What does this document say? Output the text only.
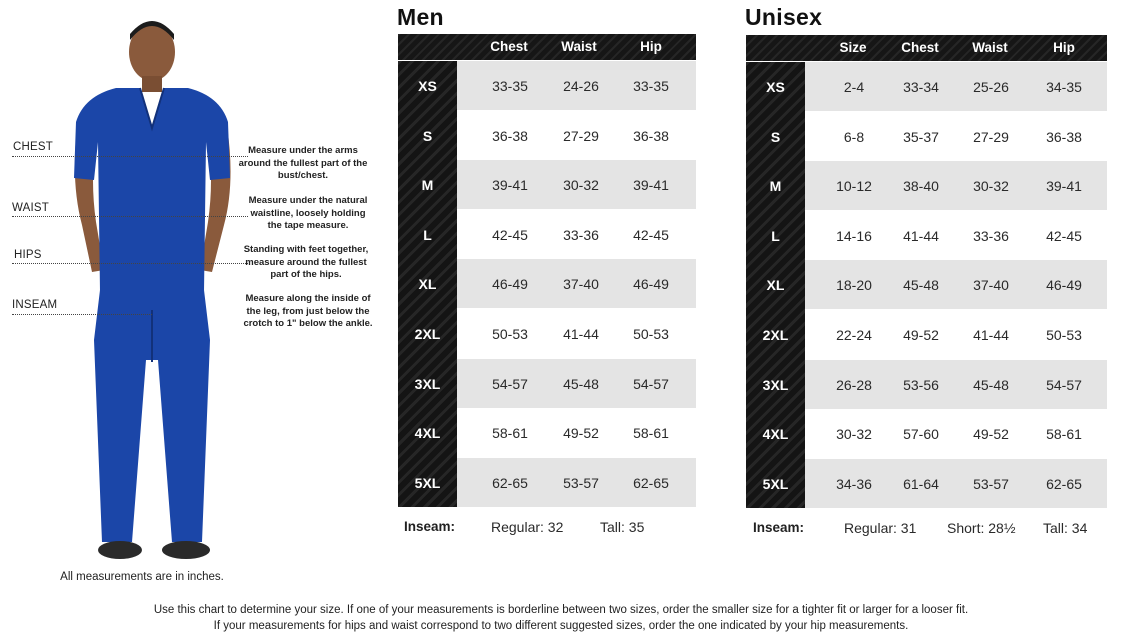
CHEST	Measure under the arms around the fullest part of the bust/chest.
WAIST
Measure under the natural waistline, loosely holding the tape measure.
HIPS	Standing with feet together, measure around the fullest part of the hips.
INSEAM
Measure along the inside of the leg, from just below the crotch to 1" below the ankle.
All measurements are in inches.
Men
Chest	Waist	Hip
XS	33-35	24-26	33-35
S	36-38	27-29	36-38
M	39-41	30-32	39-41
L	42-45	33-36	42-45
XL	46-49	37-40	46-49
2XL	50-53	41-44	50-53
3XL	54-57	45-48	54-57
4XL	58-61	49-52	58-61
5XL	62-65	53-57	62-65
Inseam:	Regular: 32	Tall: 35
Unisex
Size	Chest	Waist	Hip
XS	2-4	33-34	25-26	34-35
S	6-8	35-37	27-29	36-38
M	10-12	38-40	30-32	39-41
L	14-16	41-44	33-36	42-45
XL	18-20	45-48	37-40	46-49
2XL	22-24	49-52	41-44	50-53
3XL	26-28	53-56	45-48	54-57
4XL	30-32	57-60	49-52	58-61
5XL	34-36	61-64	53-57	62-65
Inseam:	Regular: 31 Short: 28½ Tall: 34
Use this chart to determine your size. If one of your measurements is borderline between two sizes, order the smaller size for a tighter fit or larger for a looser fit.
If your measurements for hips and waist correspond to two different suggested sizes, order the one indicated by your hip measurements.
